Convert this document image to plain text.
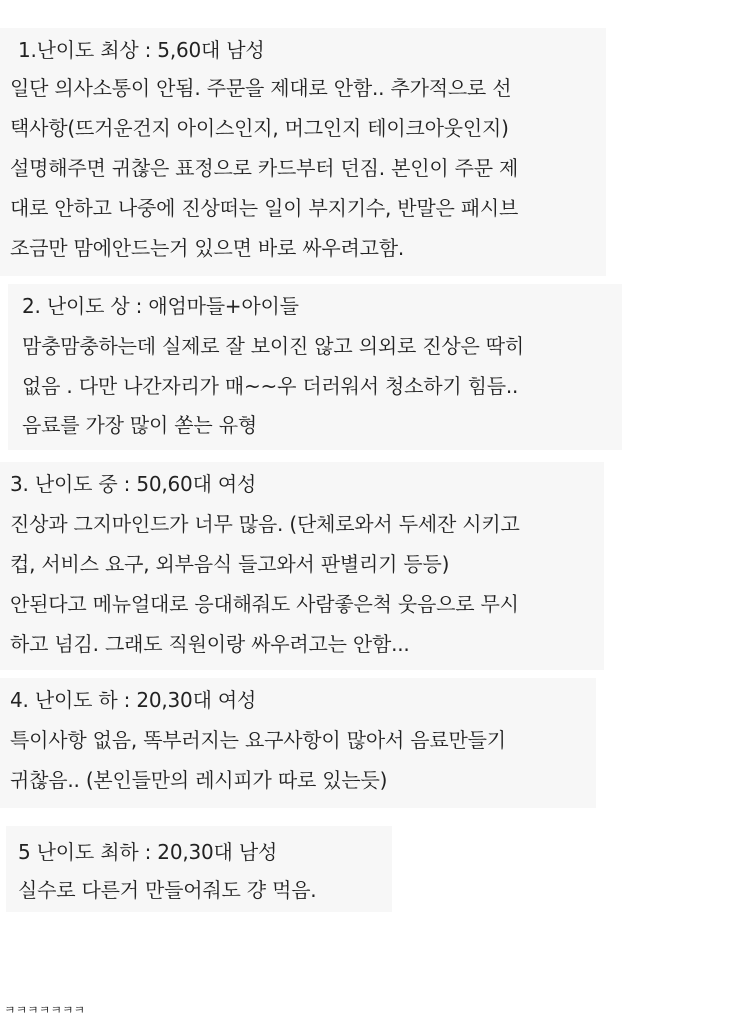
1.난이도 최상 : 5,60대 남성
일단 의사소통이 안됨. 주문을 제대로 안함.. 추가적으로 선
택사항(뜨거운건지 아이스인지, 머그인지 테이크아웃인지)
설명해주면 귀찮은 표정으로 카드부터 던짐. 본인이 주문 제
대로 안하고 나중에 진상떠는 일이 부지기수, 반말은 패시브
조금만 맘에안드는거 있으면 바로 싸우려고함.
2. 난이도 상 : 애엄마들+아이들
맘충맘충하는데 실제로 잘 보이진 않고 의외로 진상은 딱히
없음 . 다만 나간자리가 매~~우 더러워서 청소하기 힘듬..
음료를 가장 많이 쏟는 유형
3. 난이도 중 : 50,60대 여성
진상과 그지마인드가 너무 많음. (단체로와서 두세잔 시키고
컵, 서비스 요구, 외부음식 들고와서 판별리기 등등)
안된다고 메뉴얼대로 응대해줘도 사람좋은척 웃음으로 무시
하고 넘김. 그래도 직원이랑 싸우려고는 안함...
4. 난이도 하 : 20,30대 여성
특이사항 없음, 똑부러지는 요구사항이 많아서 음료만들기
귀찮음.. (본인들만의 레시피가 따로 있는듯)
5 난이도 최하 : 20,30대 남성
실수로 다른거 만들어줘도 걍 먹음.
ㅋㅋㅋㅋㅋㅋㅋ
